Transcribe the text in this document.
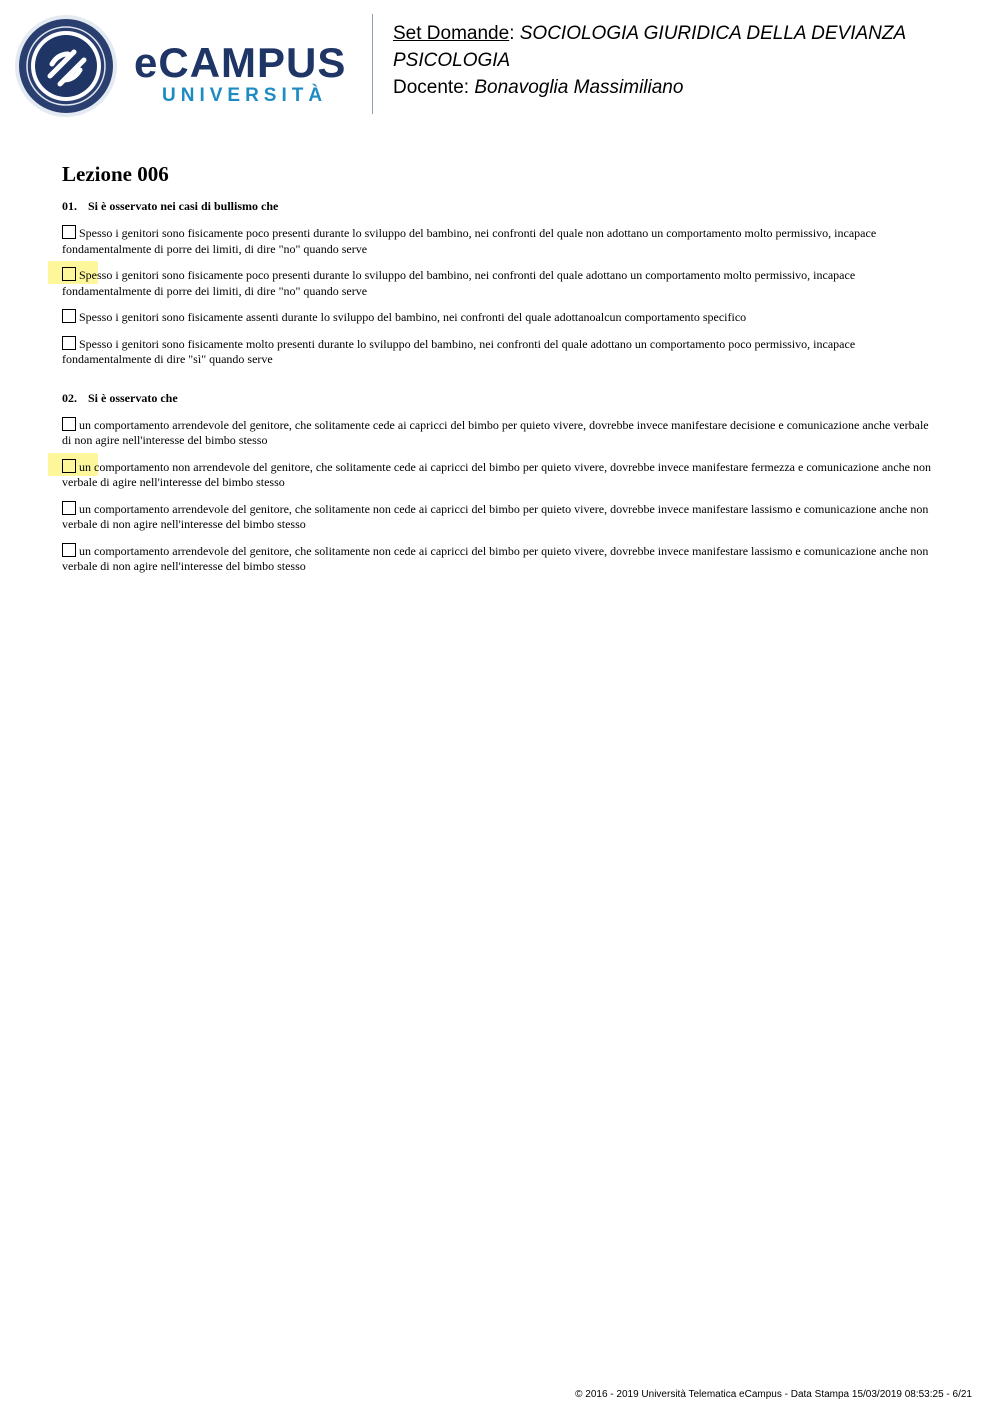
eCAMPUS
UNIVERSITÀ
Set Domande: SOCIOLOGIA GIURIDICA DELLA DEVIANZA PSICOLOGIA
Docente: Bonavoglia Massimiliano
Lezione 006
01. Si è osservato nei casi di bullismo che
Spesso i genitori sono fisicamente poco presenti durante lo sviluppo del bambino, nei confronti del quale non adottano un comportamento molto permissivo, incapace fondamentalmente di porre dei limiti, di dire "no" quando serve
Spesso i genitori sono fisicamente poco presenti durante lo sviluppo del bambino, nei confronti del quale adottano un comportamento molto permissivo, incapace fondamentalmente di porre dei limiti, di dire "no" quando serve
Spesso i genitori sono fisicamente assenti durante lo sviluppo del bambino, nei confronti del quale adottanoalcun comportamento specifico
Spesso i genitori sono fisicamente molto presenti durante lo sviluppo del bambino, nei confronti del quale adottano un comportamento poco permissivo, incapace fondamentalmente di dire "sì" quando serve
02. Si è osservato che
un comportamento arrendevole del genitore, che solitamente cede ai capricci del bimbo per quieto vivere, dovrebbe invece manifestare decisione e comunicazione anche verbale di non agire nell'interesse del bimbo stesso
un comportamento non arrendevole del genitore, che solitamente cede ai capricci del bimbo per quieto vivere, dovrebbe invece manifestare fermezza e comunicazione anche non verbale di agire nell'interesse del bimbo stesso
un comportamento arrendevole del genitore, che solitamente non cede ai capricci del bimbo per quieto vivere, dovrebbe invece manifestare lassismo e comunicazione anche non verbale di non agire nell'interesse del bimbo stesso
un comportamento arrendevole del genitore, che solitamente non cede ai capricci del bimbo per quieto vivere, dovrebbe invece manifestare lassismo e comunicazione anche non verbale di non agire nell'interesse del bimbo stesso
© 2016 - 2019 Università Telematica eCampus - Data Stampa 15/03/2019 08:53:25 - 6/21
